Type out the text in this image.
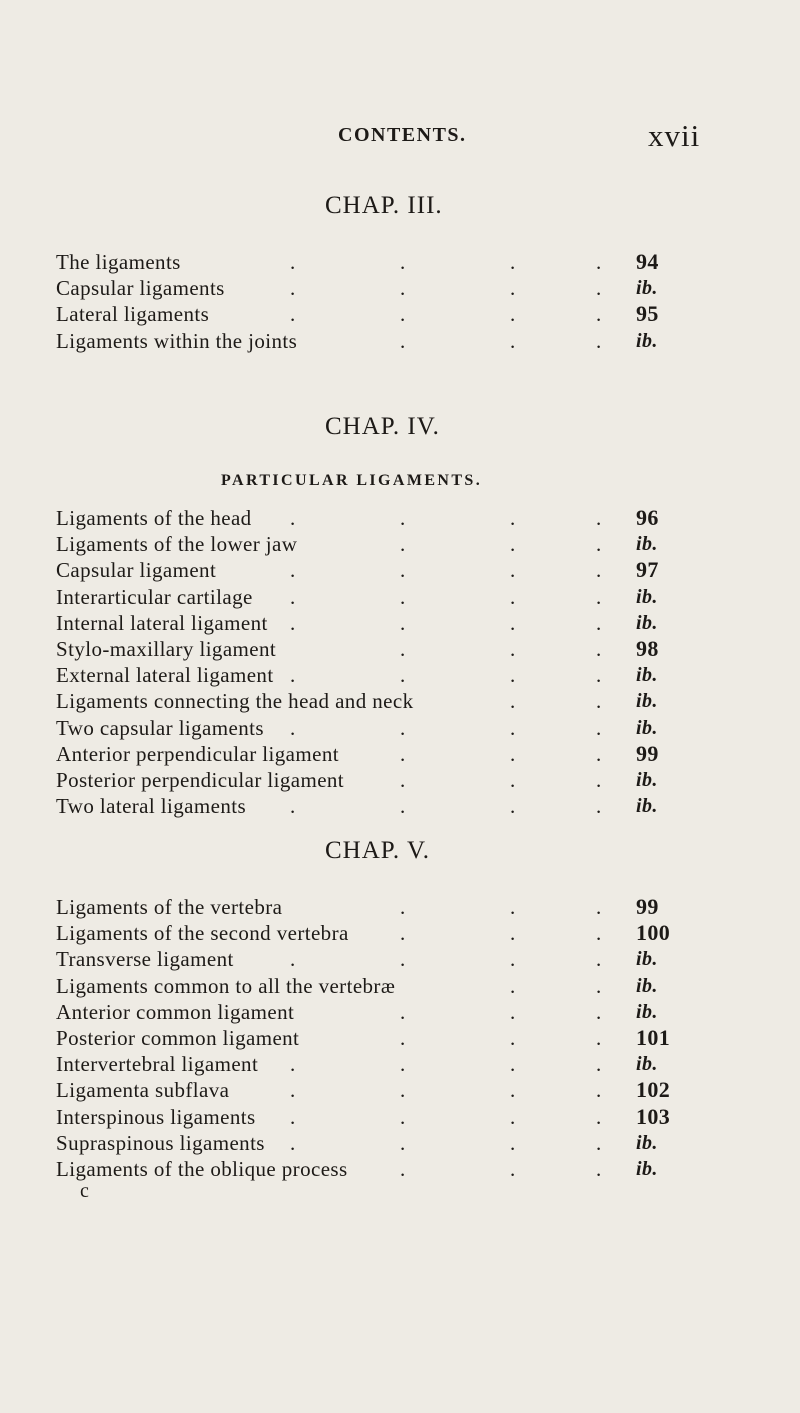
CONTENTS.	xvii
CHAP. III.
The ligaments	.	.	.	. 94
Capsular ligaments	.	.	.	. ib.
Lateral ligaments	.	.	.	. 95
Ligaments within the joints	.	.	. ib.
CHAP. IV.
PARTICULAR LIGAMENTS.
Ligaments of the head .	.	.	. 96
Ligaments of the lower jaw	.	.	. ib.
Capsular ligament	.	.	.	. 97
Interarticular cartilage .	.	.	. ib.
Internal lateral ligament .	.	.	. ib.
Stylo-maxillary ligament	.	.	. 98
External lateral ligament .	.	.	. ib.
Ligaments connecting the head and neck	.	. ib.
Two capsular ligaments .	.	.	. ib.
Anterior perpendicular ligament	.	.	. 99
Posterior perpendicular ligament	.	.	. ib.
Two lateral ligaments .	.	.	. ib.
CHAP. V.
Ligaments of the vertebra	.	.	. 99
Ligaments of the second vertebra .	.	. 100
Transverse ligament	.	.	.	. ib.
Ligaments common to all the vertebræ	.	. ib.
Anterior common ligament	.	.	. ib.
Posterior common ligament	.	.	. 101
Intervertebral ligament .	.	.	. ib.
Ligamenta subflava	.	.	.	. 102
Interspinous ligaments .	.	.	. 103
Supraspinous ligaments .	.	.	. ib.
Ligaments of the oblique process .	.	. ib.
c
